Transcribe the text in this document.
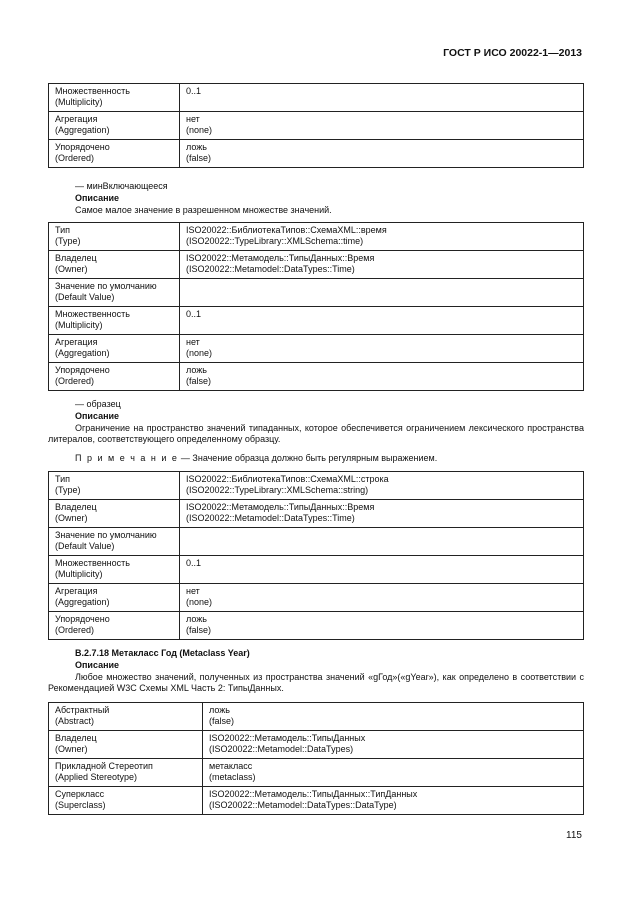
ГОСТ Р ИСО 20022-1—2013
Множественность
(Multiplicity)	0..1

Агрегация
(Aggregation)	нет
(none)

Упорядочено
(Ordered)	ложь
(false)
— минВключающееся
Описание
Самое малое значение в разрешенном множестве значений.
Тип
(Type)	ISO20022::БиблиотекаТипов::СхемаXML::время
(ISO20022::TypeLibrary::XMLSchema::time)

Владелец
(Owner)	ISO20022::Метамодель::ТипыДанных::Время
(ISO20022::Metamodel::DataTypes::Time)

Значение по умолчанию
(Default Value)	

Множественность
(Multiplicity)	0..1

Агрегация
(Aggregation)	нет
(none)

Упорядочено
(Ordered)	ложь
(false)
— образец
Описание
Ограничение на пространство значений типаданных, которое обеспечивется ограничением лексического пространства литералов, соответствующего определенному образцу.
П р и м е ч а н и е — Значение образца должно быть регулярным выражением.
Тип
(Type)	ISO20022::БиблиотекаТипов::СхемаXML::строка
(ISO20022::TypeLibrary::XMLSchema::string)

Владелец
(Owner)	ISO20022::Метамодель::ТипыДанных::Время
(ISO20022::Metamodel::DataTypes::Time)

Значение по умолчанию
(Default Value)	

Множественность
(Multiplicity)	0..1

Агрегация
(Aggregation)	нет
(none)

Упорядочено
(Ordered)	ложь
(false)
B.2.7.18 Метакласс Год (Metaclass Year)
Описание
Любое множество значений, полученных из пространства значений «gГод»(«gYear»), как определено в соответствии с Рекомендацией W3C Схемы XML Часть 2: ТипыДанных.
Абстрактный
(Abstract)	ложь
(false)

Владелец
(Owner)	ISO20022::Метамодель::ТипыДанных
(ISO20022::Metamodel::DataTypes)

Прикладной Стереотип
(Applied Stereotype)	метакласс
(metaclass)

Суперкласс
(Superclass)	ISO20022::Метамодель::ТипыДанных::ТипДанных
(ISO20022::Metamodel::DataTypes::DataType)
115
